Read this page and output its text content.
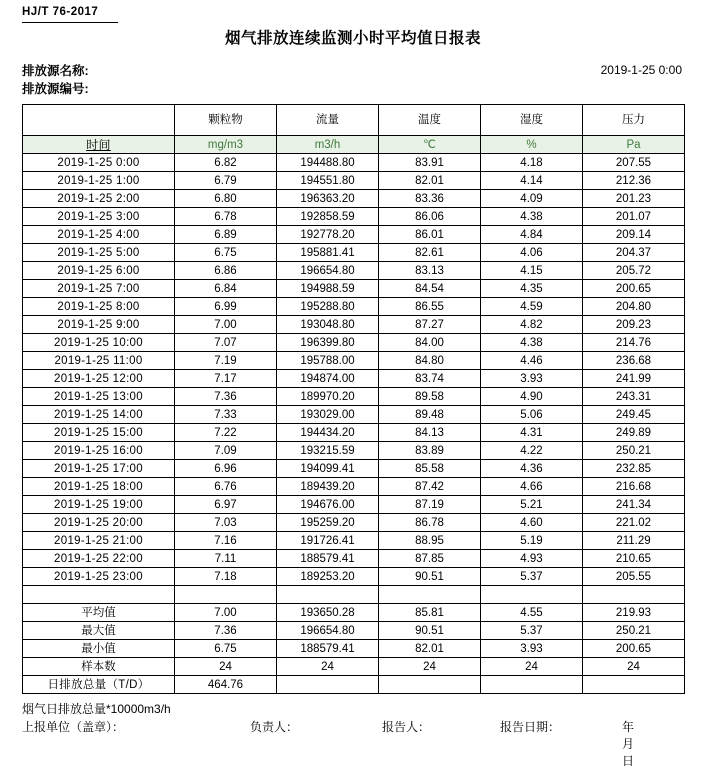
HJ/T 76-2017
烟气排放连续监测小时平均值日报表
排放源名称:
排放源编号:
2019-1-25 0:00
	颗粒物	流量	温度	湿度	压力
时间	mg/m3	m3/h	℃	%	Pa
2019-1-25 0:00	6.82	194488.80	83.91	4.18	207.55
2019-1-25 1:00	6.79	194551.80	82.01	4.14	212.36
2019-1-25 2:00	6.80	196363.20	83.36	4.09	201.23
2019-1-25 3:00	6.78	192858.59	86.06	4.38	201.07
2019-1-25 4:00	6.89	192778.20	86.01	4.84	209.14
2019-1-25 5:00	6.75	195881.41	82.61	4.06	204.37
2019-1-25 6:00	6.86	196654.80	83.13	4.15	205.72
2019-1-25 7:00	6.84	194988.59	84.54	4.35	200.65
2019-1-25 8:00	6.99	195288.80	86.55	4.59	204.80
2019-1-25 9:00	7.00	193048.80	87.27	4.82	209.23
2019-1-25 10:00	7.07	196399.80	84.00	4.38	214.76
2019-1-25 11:00	7.19	195788.00	84.80	4.46	236.68
2019-1-25 12:00	7.17	194874.00	83.74	3.93	241.99
2019-1-25 13:00	7.36	189970.20	89.58	4.90	243.31
2019-1-25 14:00	7.33	193029.00	89.48	5.06	249.45
2019-1-25 15:00	7.22	194434.20	84.13	4.31	249.89
2019-1-25 16:00	7.09	193215.59	83.89	4.22	250.21
2019-1-25 17:00	6.96	194099.41	85.58	4.36	232.85
2019-1-25 18:00	6.76	189439.20	87.42	4.66	216.68
2019-1-25 19:00	6.97	194676.00	87.19	5.21	241.34
2019-1-25 20:00	7.03	195259.20	86.78	4.60	221.02
2019-1-25 21:00	7.16	191726.41	88.95	5.19	211.29
2019-1-25 22:00	7.11	188579.41	87.85	4.93	210.65
2019-1-25 23:00	7.18	189253.20	90.51	5.37	205.55

平均值	7.00	193650.28	85.81	4.55	219.93
最大值	7.36	196654.80	90.51	5.37	250.21
最小值	6.75	188579.41	82.01	3.93	200.65
样本数	24	24	24	24	24
日排放总量（T/D）	464.76				
烟气日排放总量*10000m3/h
上报单位（盖章）：	负责人：	报告人：	报告日期：	年 月 日
